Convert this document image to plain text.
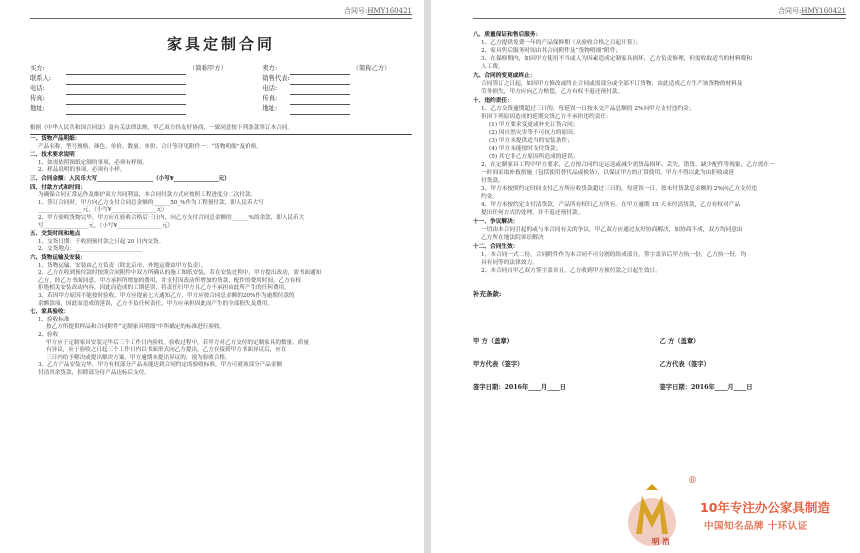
合同号:HMY160421
家具定制合同
买方:		（简称甲方）	卖方:		（简称乙方）
联系人:			销售代表:		
电话:			电话:		
传真:			传真:		
地址:			地址:		

根据《中华人民共和国合同法》及有关法律法规，甲乙双方经友好协商，一致同意按下列条款签订本合同。

一、货物产品明细：

产品名称，型号规格、颜色、单价、数量、单价、合计等详见附件一：“货物明细”及价格。

二、技术要求说明

1、如需依照图纸定制的事项，必须有样图。

2、样品说明的事项，必须有小样。

三、合同金额：人民币大写____________________（小写¥________________元）

四、付款方式和时间：

为确保合同正常运作及维护双方共同利益，本合同付款方式应按照工程进度分二次付款：

1、签订合同时，甲方向乙方支付合同总金额的______50_%作为工程预付款，即人民币大写

________________元，（小写¥________________元）

2、甲方验收货物完毕，甲方应在验收合格后三日内，向乙方支付合同总金额的______%的余款，即人民币大

写________________元，（小写¥________________元）

五、交货时间和地点

1、交货日期：于收到预付款之日起 20 日内交货。

2、交货地点：________________________

六、货物运输及安装：

1、货物运输、安装由乙方负责（除北京市，外地运费由甲方负责）。

2、乙方在收到预付款时按照合同附件中双方所确认的施工图纸安装，若在安装过程中，甲方提出改动，需书面通知

乙方，经乙方书面同意，甲方承担所增加的费用，并支付因改动所增加的货款、配件的费用时间，乙方有权

拒绝相关安装改动内容，因此而造成的工期延误，将责任归甲方且乙方不承担由此所产生的任何费用。

3、若因甲方原因不能按时验收，甲方应提前七天通知乙方，甲方应按合同总金额的20%作为逾期付款的

余额款项，因此而造成的延误，乙方不负任何责任，甲方应承担因此而产生的全部损失及费用。

七、家具验收：

1、验收标准

按乙方所提供样品和合同附件“定制家具明细”中所确定的标准进行验收。

2、验收

甲方应于定制家具安装完毕后三个工作日内验收。验收过程中，若甲方对乙方交付的定制家具的数量、质量

有异议，应于验收之日起三个工作日内以书面形式向乙方提出，乙方在接到甲方书面异议后，应在

三日内给予解决或提出解决方案。甲方逾期未提出异议的，视为验收合格。

3、乙方产品安装完毕，甲方有权部分产品未能达到合同约定的验收标准，甲方可就该部分产品金额

付清其余货款，扣除部分待产品达标后支付。

合同号:HMY160421

八、质量保证和售后服务：

1、乙方提供免费一年的产品保修期（从验收合格之日起计算）；

2、家具售后服务时间由其合同附件及“货物明细”附件；

3、在保修期内，如因甲方使用不当或人为因素造成定制家具损坏，乙方负责修理，但需收取适当的材料费和

人工费。

九、合同的变更或终止：

合同签订之日起，如因甲方修改或终止合同或需部分或全部不订货物，由此造成乙方生产该货物的材料及

劳务损失，甲方应向乙方赔偿，乙方有权不退还预付款。

十、违约责任：

1、乙方交货逾期超过三日的，每延误一日按未交产品总额的 2%向甲方支付违约金；

但因下列原因造成的延期交货乙方不承担违约责任：

(1) 甲方要求变更或补充订货合同；

(2) 因自然灾害等不可抗力的原因；

(3) 甲方未提供适当的安装条件；

(4) 甲方未能按时支付货款；

(5) 其它非乙方原因所造成的延误；

2、在定制家具工程中甲方要求，乙方按合同约定运送或减少需货品损坏、丢失，错货、缺少配件等现象，乙方需在一

一时间采取补救措施（包括使用替代品或换货），以保证甲方的正常使用，甲方不得以此为由拒收或延

付货款。

3、甲方未按照约定时间支付乙方所应收货款超过三日的，每延误一日，按未付货款总金额的 2%向乙方支付违

约金。

4、甲方未按约定支付清货款，产品所有权归乙方所有。在甲方逾期 15 天未付清货款，乙方有权对产品

提出任何方式的处理，并不退还预付款。

十一、争议解决：

一切由本合同引起的或与本合同有关的争议，甲乙双方应通过友好协商解决，如协商不成，双方均同意由

乙方所在地法院诉讼解决

十二、合同生效：

1、本合同一式二份，合同附件作为本合同不可分割的组成部分，签字盖章后甲方执一份，乙方执一份，均

具有同等的法律效力。

2、本合同自甲乙双方签字盖章且，乙方收到甲方预付款之日起生效日。

补充条款:
甲 方（盖章）	乙 方（盖章）
甲方代表（签字）	乙方代表（签字）
签字日期：2016年____月____日	签字日期：2016年____月____日
®
明 浩
10年专注办公家具制造
中国知名品牌 十环认证
